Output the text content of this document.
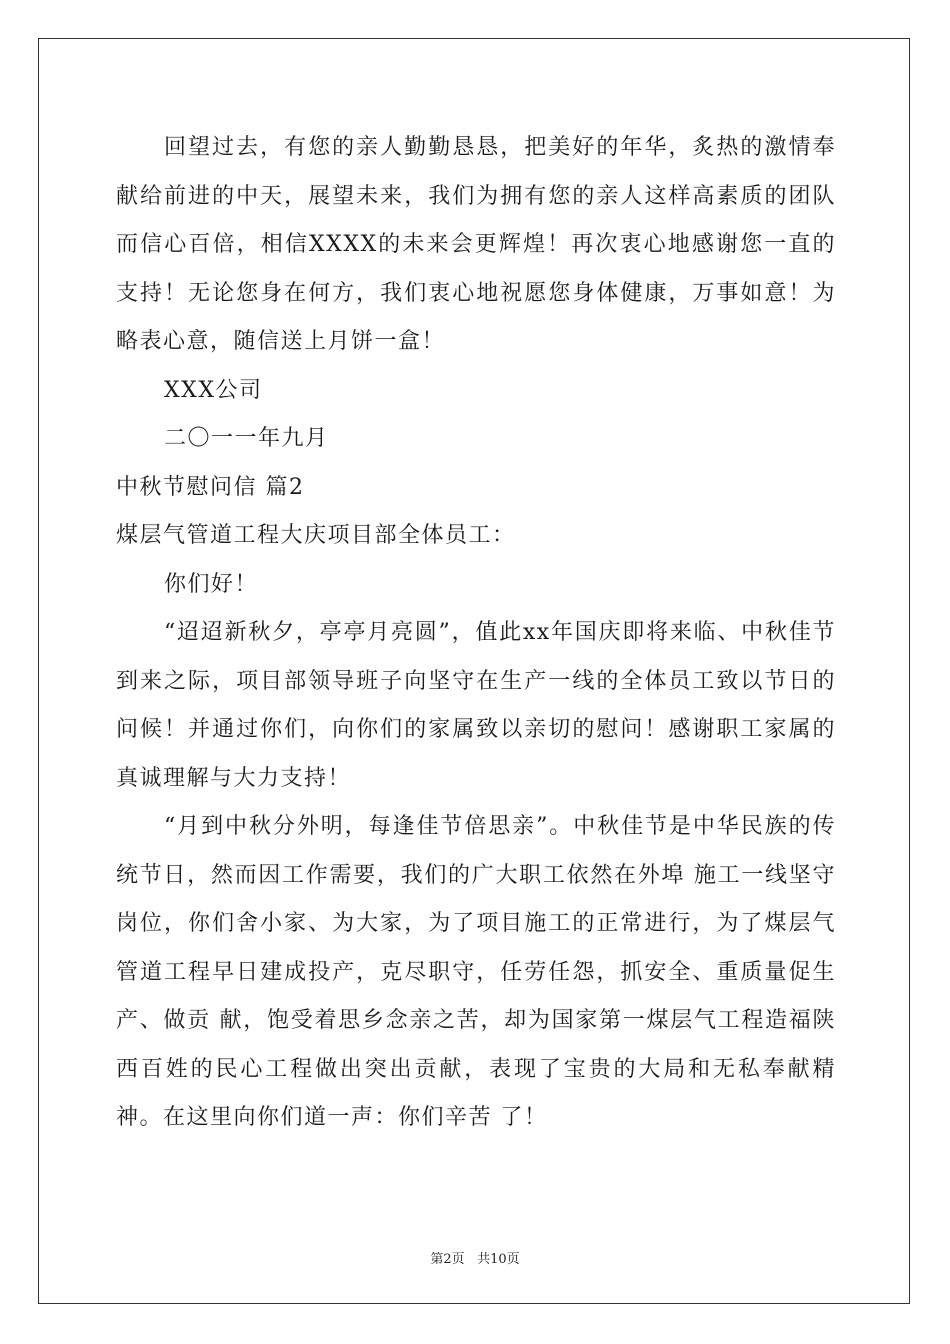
回望过去，有您的亲人勤勤恳恳，把美好的年华，炙热的激情奉献给前进的中天，展望未来，我们为拥有您的亲人这样高素质的团队而信心百倍，相信XXXX的未来会更辉煌！再次衷心地感谢您一直的支持！无论您身在何方，我们衷心地祝愿您身体健康，万事如意！为略表心意，随信送上月饼一盒！

XXX公司

二〇一一年九月

中秋节慰问信 篇2

煤层气管道工程大庆项目部全体员工：

你们好！

“迢迢新秋夕，亭亭月亮圆”，值此xx年国庆即将来临、中秋佳节到来之际，项目部领导班子向坚守在生产一线的全体员工致以节日的问候！并通过你们，向你们的家属致以亲切的慰问！感谢职工家属的真诚理解与大力支持！

“月到中秋分外明，每逢佳节倍思亲”。中秋佳节是中华民族的传统节日，然而因工作需要，我们的广大职工依然在外埠 施工一线坚守岗位，你们舍小家、为大家，为了项目施工的正常进行，为了煤层气管道工程早日建成投产，克尽职守，任劳任怨，抓安全、重质量促生产、做贡 献，饱受着思乡念亲之苦，却为国家第一煤层气工程造福陕西百姓的民心工程做出突出贡献，表现了宝贵的大局和无私奉献精神。在这里向你们道一声：你们辛苦 了！

第2页 共10页
